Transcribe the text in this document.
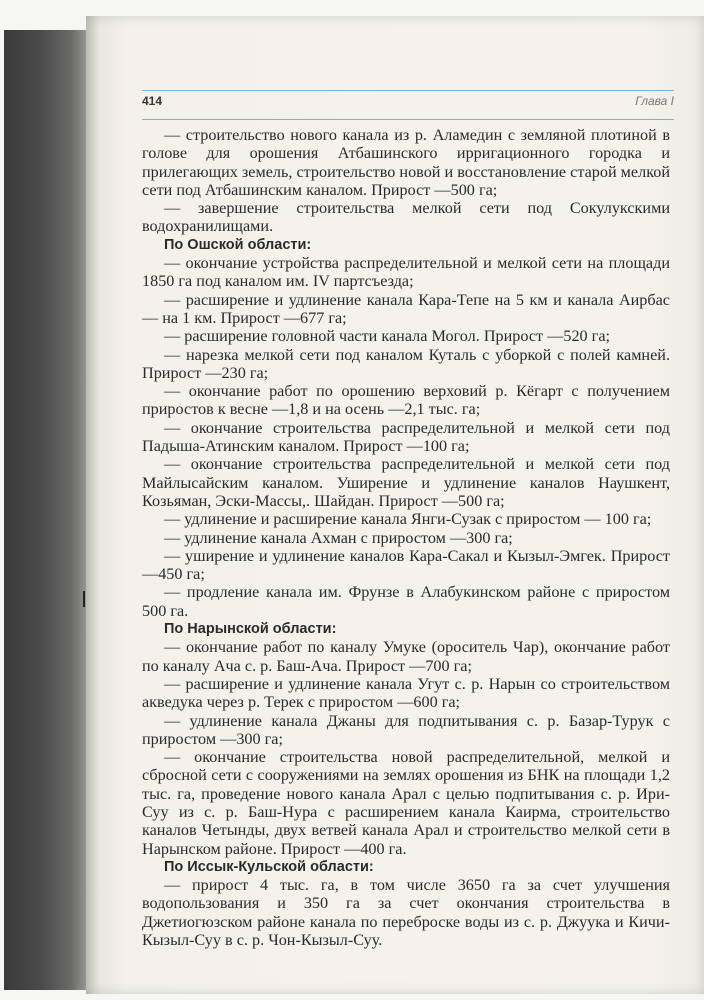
414	Глава I

— строительство нового канала из р. Аламедин с земляной плотиной в голове для орошения Атбашинского ирригационного городка и прилегающих земель, строительство новой и восстановление старой мелкой сети под Атбашинским каналом. Прирост —500 га;

— завершение строительства мелкой сети под Сокулукскими водохранилищами.

По Ошской области:

— окончание устройства распределительной и мелкой сети на площади 1850 га под каналом им. IV партсъезда;

— расширение и удлинение канала Кара-Тепе на 5 км и канала Аирбас — на 1 км. Прирост —677 га;

— расширение головной части канала Могол. Прирост —520 га;

— нарезка мелкой сети под каналом Куталь с уборкой с полей камней. Прирост —230 га;

— окончание работ по орошению верховий р. Кёгарт с получением приростов к весне —1,8 и на осень —2,1 тыс. га;

— окончание строительства распределительной и мелкой сети под Падыша-Атинским каналом. Прирост —100 га;

— окончание строительства распределительной и мелкой сети под Майлысайским каналом. Уширение и удлинение каналов Наушкент, Козьяман, Эски-Массы,. Шайдан. Прирост —500 га;

— удлинение и расширение канала Янги-Сузак с приростом — 100 га;

— удлинение канала Ахман с приростом —300 га;

— уширение и удлинение каналов Кара-Сакал и Кызыл-Эмгек. Прирост —450 га;

— продление канала им. Фрунзе в Алабукинском районе с приростом 500 га.

По Нарынской области:

— окончание работ по каналу Умуке (ороситель Чар), окончание работ по каналу Ача с. р. Баш-Ача. Прирост —700 га;

— расширение и удлинение канала Угут с. р. Нарын со строительством акведука через р. Терек с приростом —600 га;

— удлинение канала Джаны для подпитывания с. р. Базар-Турук с приростом —300 га;

— окончание строительства новой распределительной, мелкой и сбросной сети с сооружениями на землях орошения из БНК на площади 1,2 тыс. га, проведение нового канала Арал с целью подпитывания с. р. Ири-Суу из с. р. Баш-Нура с расширением канала Каирма, строительство каналов Четынды, двух ветвей канала Арал и строительство мелкой сети в Нарынском районе. Прирост —400 га.

По Иссык-Кульской области:

— прирост 4 тыс. га, в том числе 3650 га за счет улучшения водопользования и 350 га за счет окончания строительства в Джетиогюзском районе канала по переброске воды из с. р. Джуука и Кичи-Кызыл-Суу в с. р. Чон-Кызыл-Суу.
